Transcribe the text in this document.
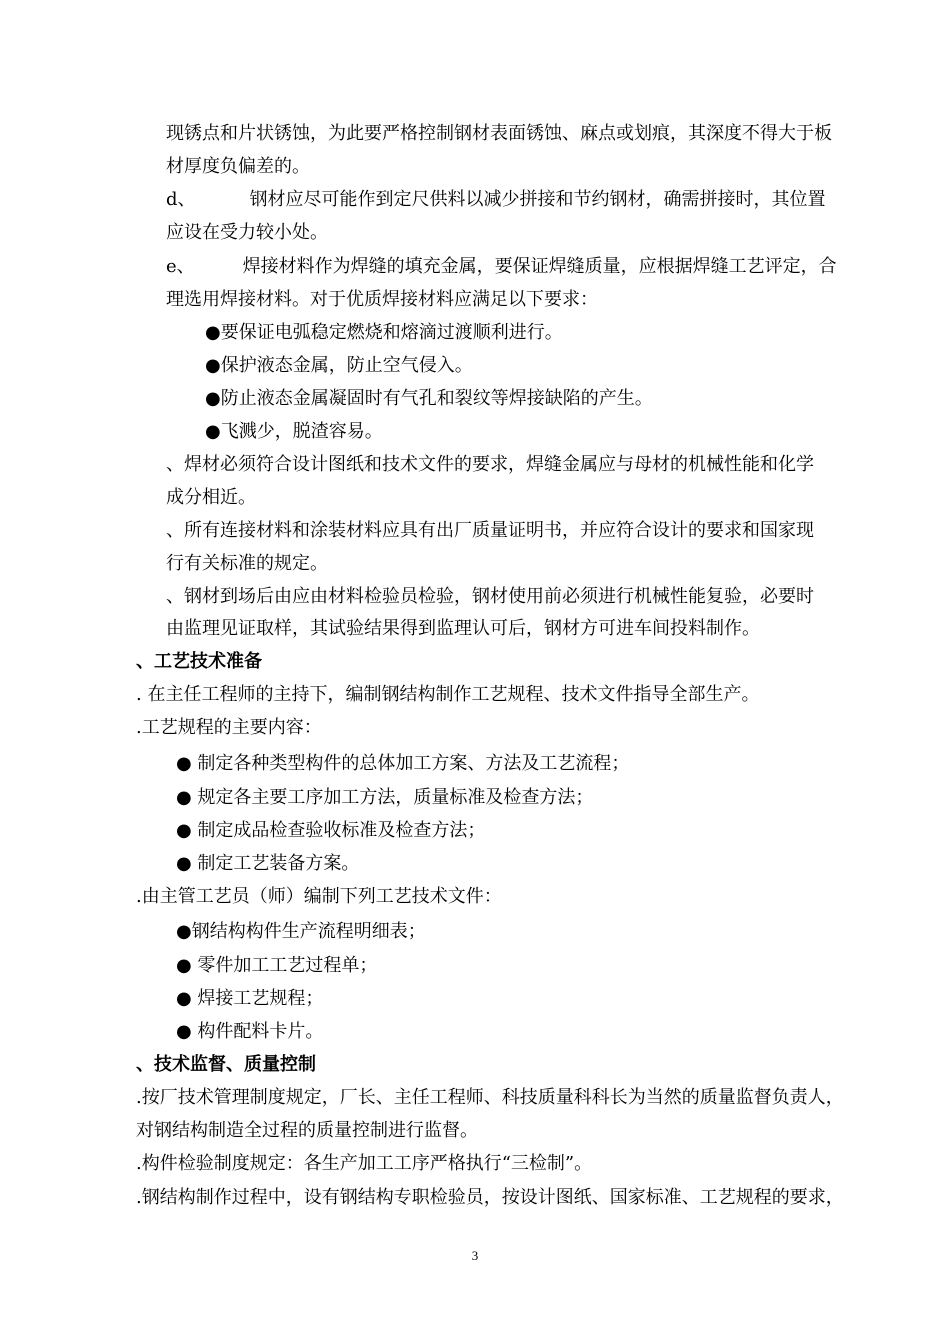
现锈点和片状锈蚀，为此要严格控制钢材表面锈蚀、麻点或划痕，其深度不得大于板
材厚度负偏差的。
d、	钢材应尽可能作到定尺供料以减少拼接和节约钢材，确需拼接时，其位置
应设在受力较小处。
e、	焊接材料作为焊缝的填充金属，要保证焊缝质量，应根据焊缝工艺评定，合
理选用焊接材料。对于优质焊接材料应满足以下要求：
●要保证电弧稳定燃烧和熔滴过渡顺利进行。
●保护液态金属，防止空气侵入。
●防止液态金属凝固时有气孔和裂纹等焊接缺陷的产生。
●飞溅少，脱渣容易。
、焊材必须符合设计图纸和技术文件的要求，焊缝金属应与母材的机械性能和化学
成分相近。
、所有连接材料和涂装材料应具有出厂质量证明书，并应符合设计的要求和国家现
行有关标准的规定。
、钢材到场后由应由材料检验员检验，钢材使用前必须进行机械性能复验，必要时
由监理见证取样，其试验结果得到监理认可后，钢材方可进车间投料制作。
、工艺技术准备
. 在主任工程师的主持下，编制钢结构制作工艺规程、技术文件指导全部生产。
.工艺规程的主要内容：
● 制定各种类型构件的总体加工方案、方法及工艺流程；
● 规定各主要工序加工方法，质量标准及检查方法；
● 制定成品检查验收标准及检查方法；
● 制定工艺装备方案。
.由主管工艺员（师）编制下列工艺技术文件：
●钢结构构件生产流程明细表；
● 零件加工工艺过程单；
● 焊接工艺规程；
● 构件配料卡片。
、技术监督、质量控制
.按厂技术管理制度规定，厂长、主任工程师、科技质量科科长为当然的质量监督负责人，
对钢结构制造全过程的质量控制进行监督。
.构件检验制度规定：各生产加工工序严格执行“三检制”。
.钢结构制作过程中，设有钢结构专职检验员，按设计图纸、国家标准、工艺规程的要求，
3
